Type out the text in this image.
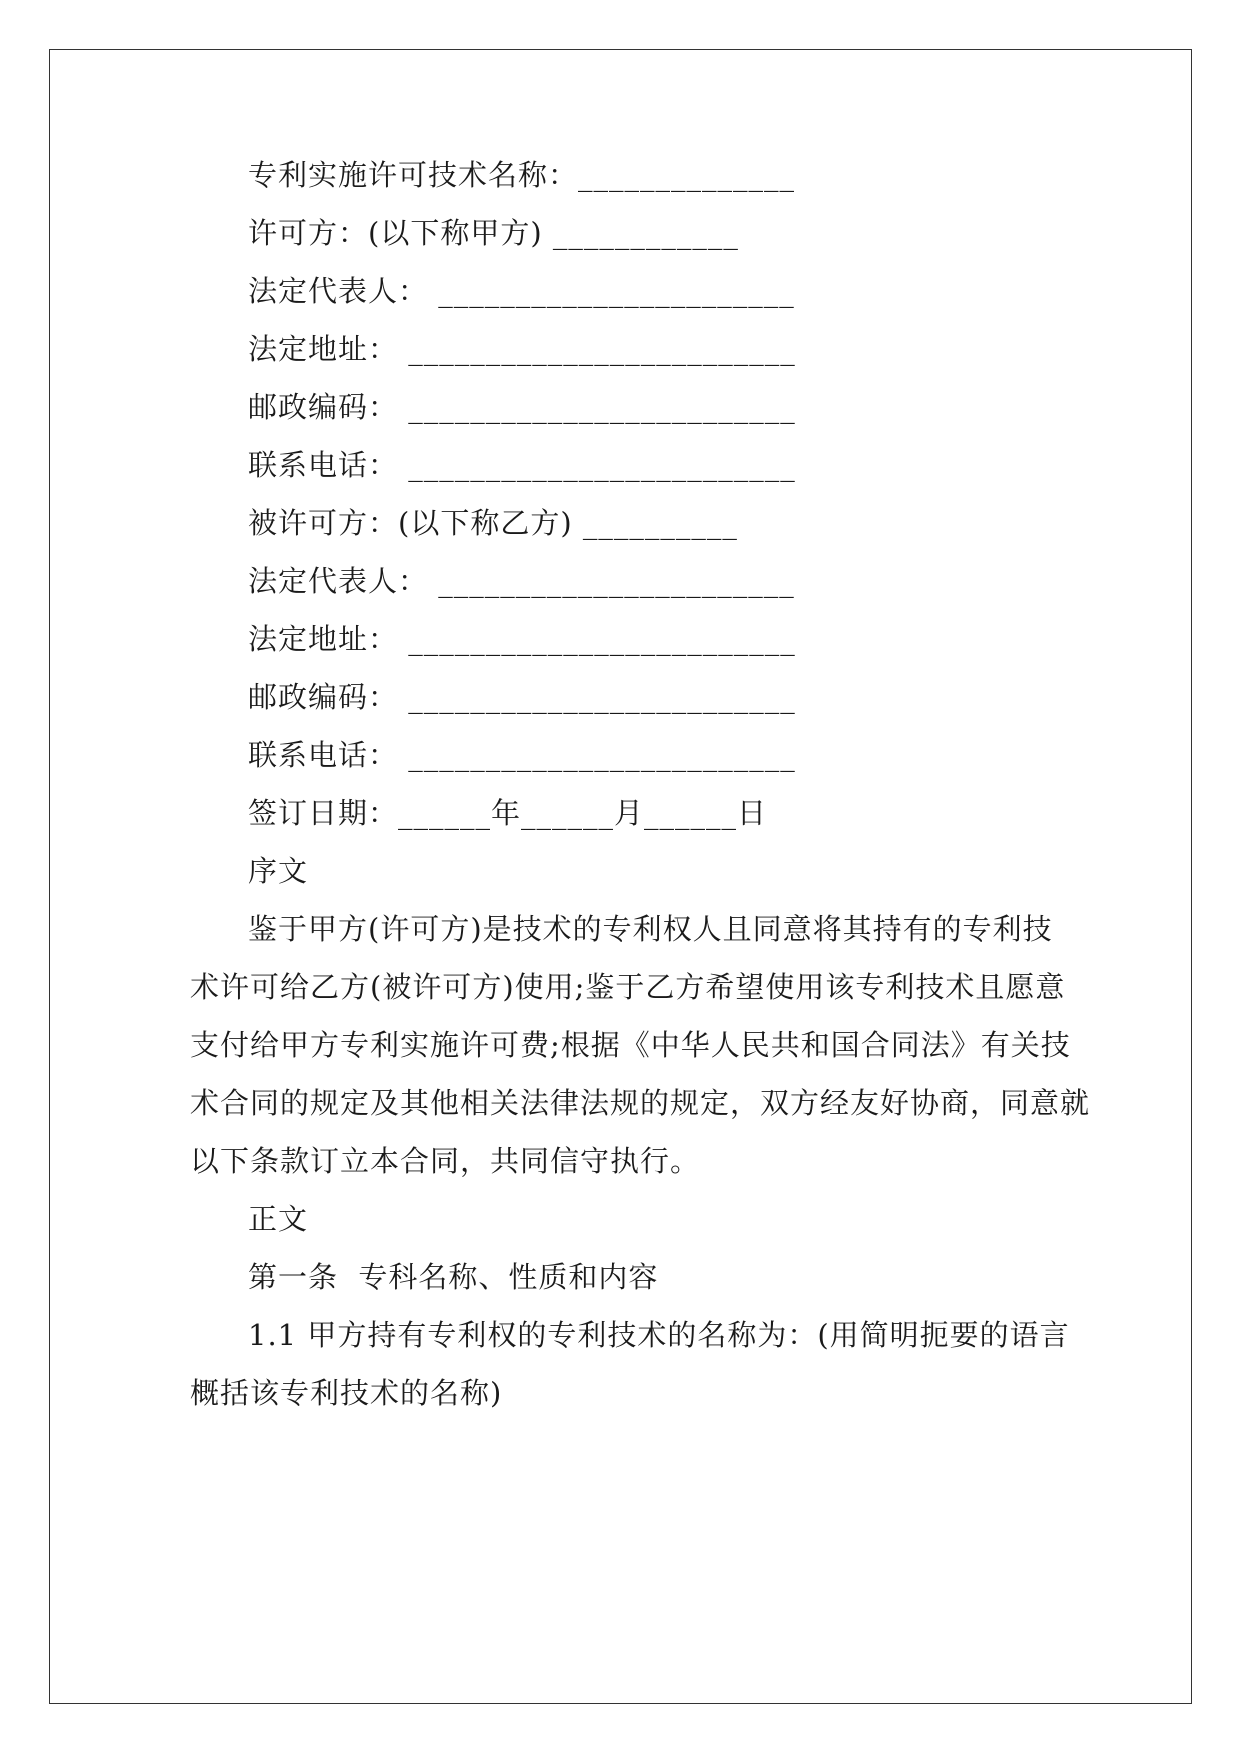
专利实施许可技术名称：______________
许可方：(以下称甲方) ____________
法定代表人： _______________________
法定地址： _________________________
邮政编码： _________________________
联系电话： _________________________
被许可方：(以下称乙方) __________
法定代表人： _______________________
法定地址： _________________________
邮政编码： _________________________
联系电话： _________________________
签订日期：______年______月______日
序文
鉴于甲方(许可方)是技术的专利权人且同意将其持有的专利技
术许可给乙方(被许可方)使用;鉴于乙方希望使用该专利技术且愿意
支付给甲方专利实施许可费;根据《中华人民共和国合同法》有关技
术合同的规定及其他相关法律法规的规定，双方经友好协商，同意就
以下条款订立本合同，共同信守执行。
正文
第一条  专科名称、性质和内容
1.1 甲方持有专利权的专利技术的名称为：(用简明扼要的语言
概括该专利技术的名称)
